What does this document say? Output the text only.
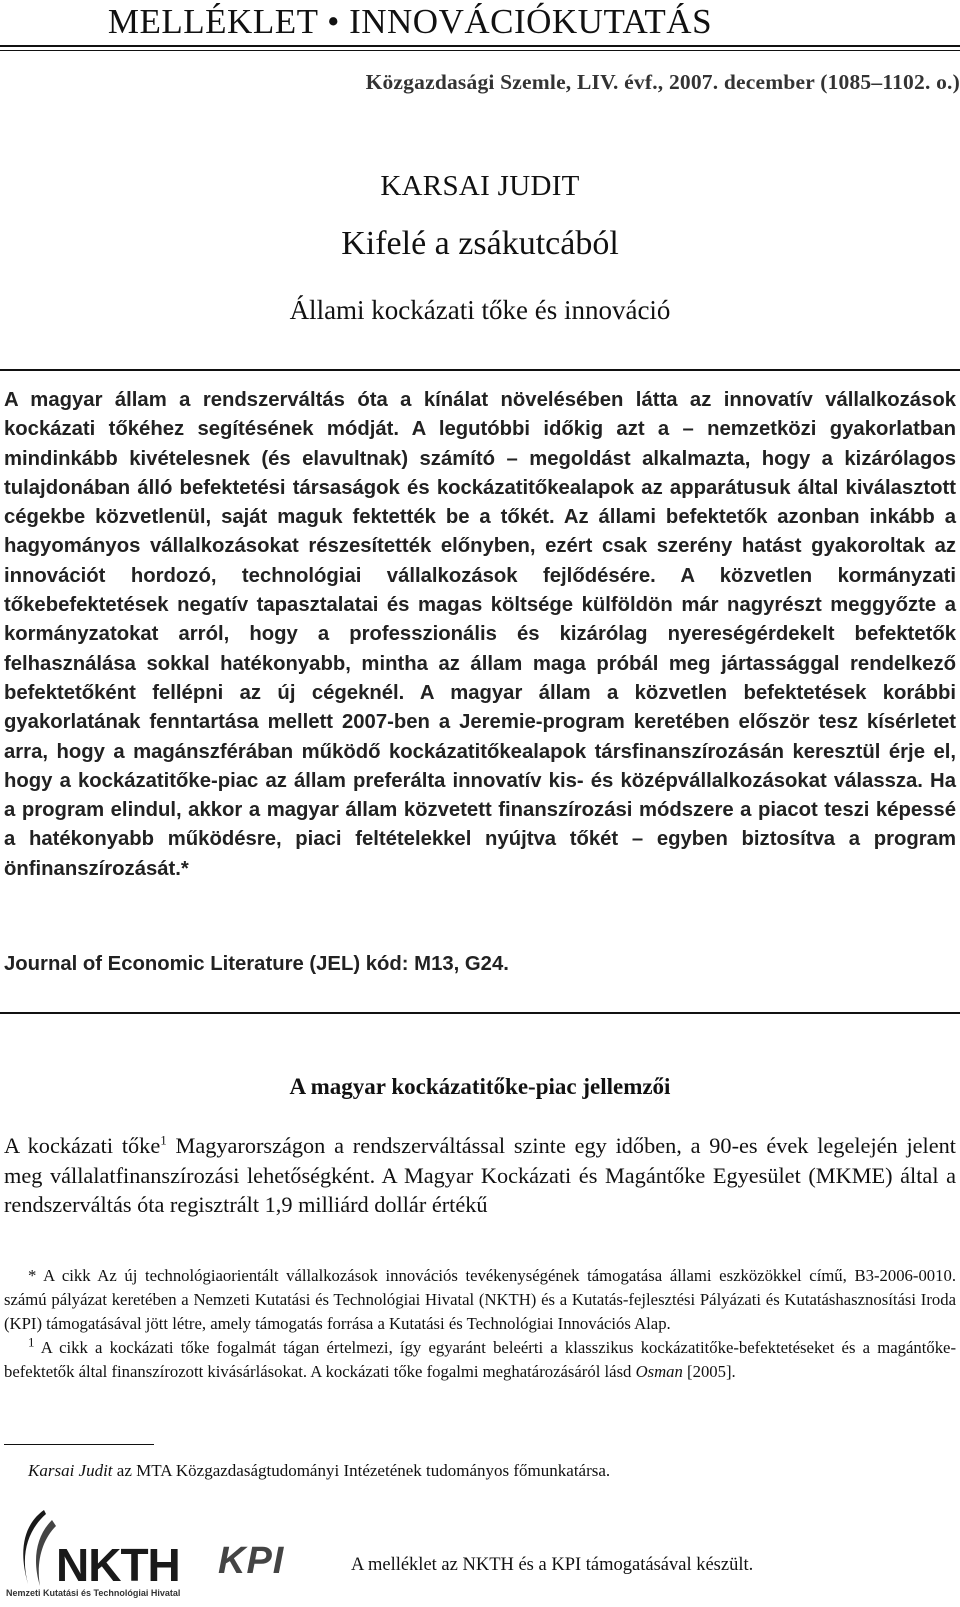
MELLÉKLET • INNOVÁCIÓKUTATÁS
Közgazdasági Szemle, LIV. évf., 2007. december (1085–1102. o.)
KARSAI JUDIT
Kifelé a zsákutcából
Állami kockázati tőke és innováció
A magyar állam a rendszerváltás óta a kínálat növelésében látta az innovatív vállalkozások kockázati tőkéhez segítésének módját. A legutóbbi időkig azt a – nemzetközi gyakorlatban mindinkább kivételesnek (és elavultnak) számító – megoldást alkalmazta, hogy a kizárólagos tulajdonában álló befektetési társaságok és kockázatitőkealapok az apparátusuk által kiválasztott cégekbe közvetlenül, saját maguk fektették be a tőkét. Az állami befektetők azonban inkább a hagyományos vállalkozásokat részesítették előnyben, ezért csak szerény hatást gyakoroltak az innovációt hordozó, technológiai vállalkozások fejlődésére. A közvetlen kormányzati tőkebefektetések negatív tapasztalatai és magas költsége külföldön már nagyrészt meggyőzte a kormányzatokat arról, hogy a professzionális és kizárólag nyereségérdekelt befektetők felhasználása sokkal hatékonyabb, mintha az állam maga próbál meg jártassággal rendelkező befektetőként fellépni az új cégeknél. A magyar állam a közvetlen befektetések korábbi gyakorlatának fenntartása mellett 2007-ben a Jeremie-program keretében először tesz kísérletet arra, hogy a magánszférában működő kockázatitőkealapok társfinanszírozásán keresztül érje el, hogy a kockázatitőke-piac az állam preferálta innovatív kis- és középvállalkozásokat válassza. Ha a program elindul, akkor a magyar állam közvetett finanszírozási módszere a piacot teszi képessé a hatékonyabb működésre, piaci feltételekkel nyújtva tőkét – egyben biztosítva a program önfinanszírozását.*
Journal of Economic Literature (JEL) kód: M13, G24.
A magyar kockázatitőke-piac jellemzői
A kockázati tőke$^1$ Magyarországon a rendszerváltással szinte egy időben, a 90-es évek legelején jelent meg vállalatfinanszírozási lehetőségként. A Magyar Kockázati és Magántőke Egyesület (MKME) által a rendszerváltás óta regisztrált 1,9 milliárd dollár értékű

* A cikk Az új technológiaorientált vállalkozások innovációs tevékenységének támogatása állami eszközökkel című, B3-2006-0010. számú pályázat keretében a Nemzeti Kutatási és Technológiai Hivatal (NKTH) és a Kutatás-fejlesztési Pályázati és Kutatáshasznosítási Iroda (KPI) támogatásával jött létre, amely támogatás forrása a Kutatási és Technológiai Innovációs Alap.

$^1$ A cikk a kockázati tőke fogalmát tágan értelmezi, így egyaránt beleérti a klasszikus kockázatitőke-befektetéseket és a magántőke-befektetők által finanszírozott kivásárlásokat. A kockázati tőke fogalmi meghatározásáról lásd Osman [2005].

Karsai Judit az MTA Közgazdaságtudományi Intézetének tudományos főmunkatársa.
NKTH
Nemzeti Kutatási és Technológiai Hivatal
KPI	A melléklet az NKTH és a KPI támogatásával készült.
